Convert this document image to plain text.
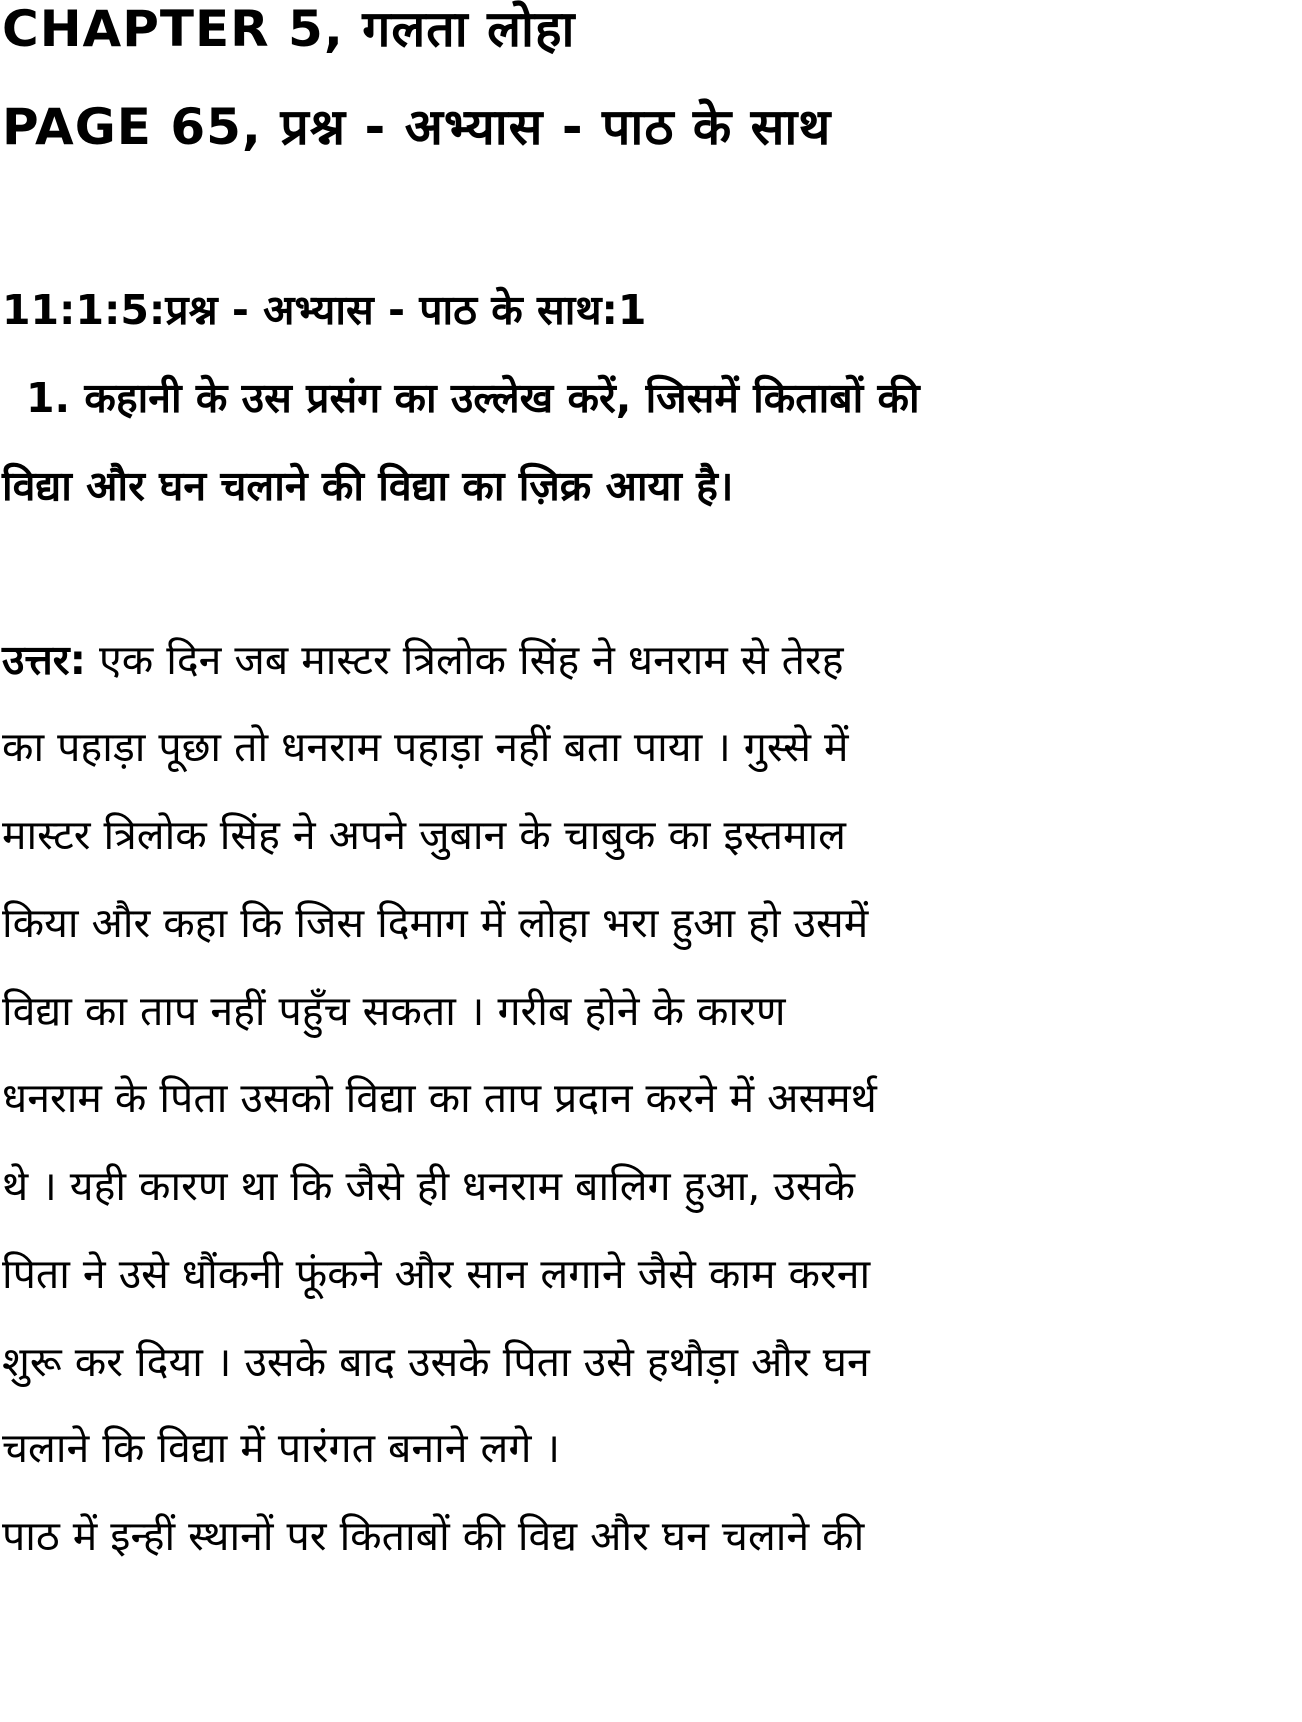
CHAPTER 5, गलता लोहा
PAGE 65, प्रश्न - अभ्यास - पाठ के साथ
11:1:5:प्रश्न - अभ्यास - पाठ के साथ:1
1. कहानी के उस प्रसंग का उल्लेख करें, जिसमें किताबों की
विद्या और घन चलाने की विद्या का ज़िक्र आया है।
उत्तर: एक दिन जब मास्टर त्रिलोक सिंह ने धनराम से तेरह
का पहाड़ा पूछा तो धनराम पहाड़ा नहीं बता पाया । गुस्से में
मास्टर त्रिलोक सिंह ने अपने जुबान के चाबुक का इस्तमाल
किया और कहा कि जिस दिमाग में लोहा भरा हुआ हो उसमें
विद्या का ताप नहीं पहुँच सकता । गरीब होने के कारण
धनराम के पिता उसको विद्या का ताप प्रदान करने में असमर्थ
थे । यही कारण था कि जैसे ही धनराम बालिग हुआ, उसके
पिता ने उसे धौंकनी फूंकने और सान लगाने जैसे काम करना
शुरू कर दिया । उसके बाद उसके पिता उसे हथौड़ा और घन
चलाने कि विद्या में पारंगत बनाने लगे ।
पाठ में इन्हीं स्थानों पर किताबों की विद्य और घन चलाने की
